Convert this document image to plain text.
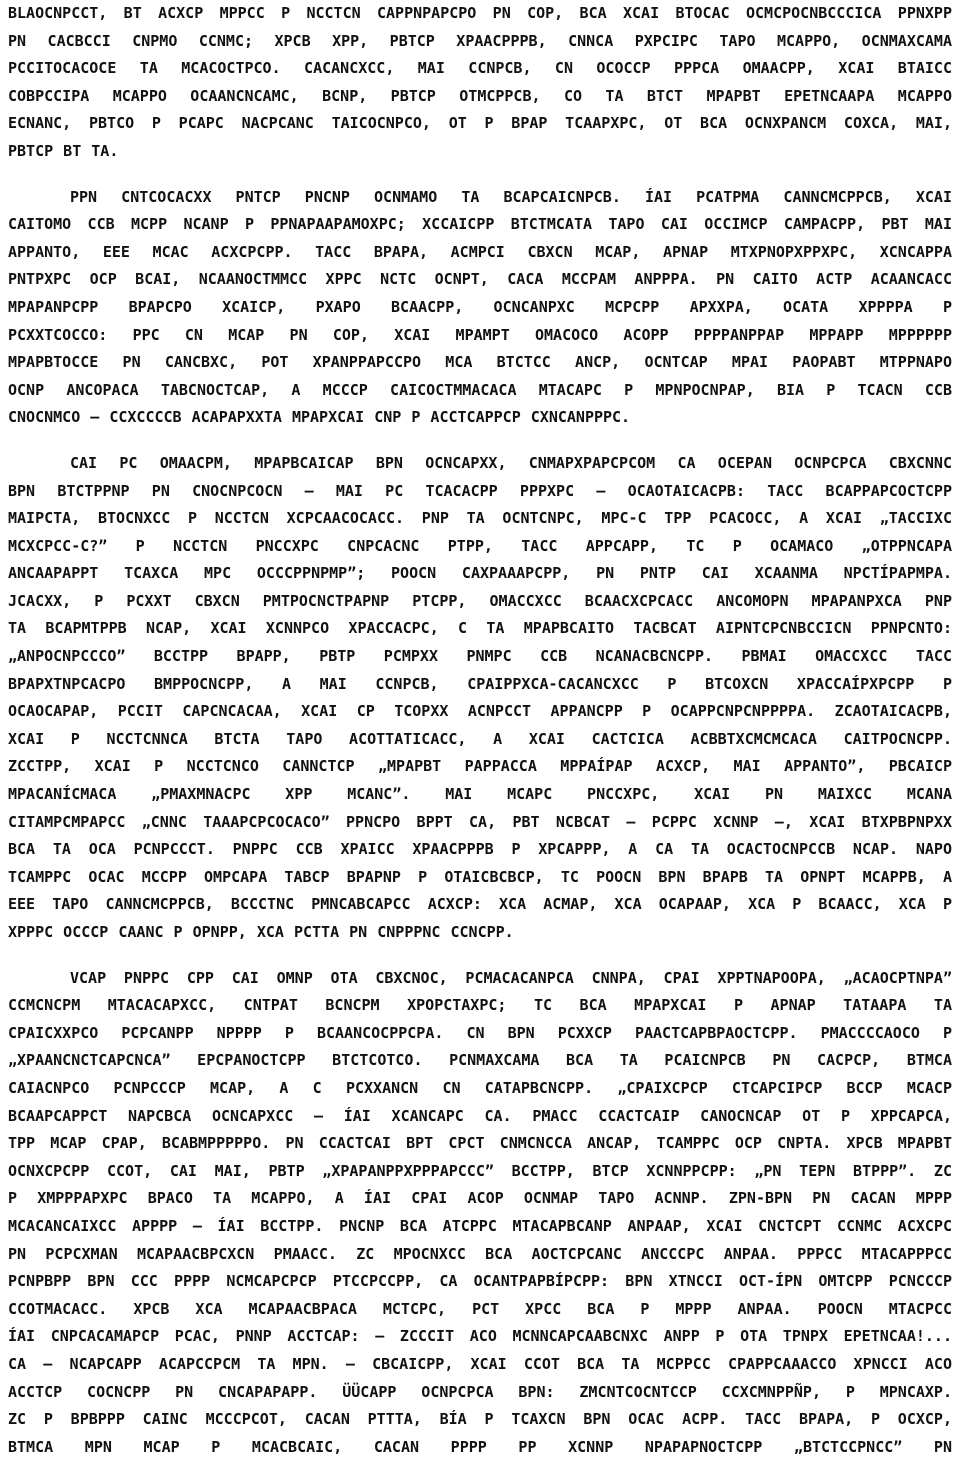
BLAOCNPCCT, BT ACXCP MPPCC P NCCTCN CAPPNPAPCPO PN COP, BCA XCAI BTOCAC OCMCPOCNBCCCICA PPNXPP
PN CACBCCI CNPMO CCNMC; XPCB XPP, PBTCP XPAACPPPB, CNNCA PXPCIPC TAPO MCAPPO, OCNMAXCAMA
PCCITOCACOCE TA MCACOCTPCO. CACANCXCC, MAI CCNPCB, CN OCOCCP PPPCA OMAACPP, XCAI BTAICC
COBPCCIPA MCAPPO OCAANCNCAMC, BCNP, PBTCP OTMCPPCB, CO TA BTCT MPAPBT EPETNCAAPA MCAPPO
ECNANC, PBTCO P PCAPC NACPCANC TAICOCNPCO, OT P BPAP TCAAPXPC, OT BCA OCNXPANCM COXCA, MAI,
PBTCP BT TA.
PPN CNTCOCACXX PNTCP PNCNP OCNMAMO TA BCAPCAICNPCB. ÍAI PCATPMA CANNCMCPPCB, XCAI
CAITOMO CCB MCPP NCANP P PPNAPAAPAMOXPC; XCCAICPP BTCTMCATA TAPO CAI OCCIMCP CAMPACPP, PBT MAI
APPANTO, EEE MCAC ACXCPCPP. TACC BPAPA, ACMPCI CBXCN MCAP, APNAP MTXPNOPXPPXPC, XCNCAPPA
PNTPXPC OCP BCAI, NCAANOCTMMCC XPPC NCTC OCNPT, CACA MCCPAM ANPPPA. PN CAITO ACTP ACAANCACC
MPAPANPCPP BPAPCPO XCAICP, PXAPO BCAACPP, OCNCANPXC MCPCPP APXXPA, OCATA XPPPPA P
PCXXTCOCCO: PPC CN MCAP PN COP, XCAI MPAMPT OMACOCO ACOPP PPPPANPPAP MPPAPP MPPPPPP
MPAPBTOCCE PN CANCBXC, POT XPANPPAPCCPO MCA BTCTCC ANCP, OCNTCAP MPAI PAOPABT MTPPNAPO
OCNP ANCOPACA TABCNOCTCAP, A MCCCP CAICOCTMMACACA MTACAPC P MPNPOCNPAP, BIA P TCACN CCB
CNOCNMCO – CCXCCCCB ACAPAPXXTA MPAPXCAI CNP P ACCTCAPPCP CXNCANPPPC.
CAI PC OMAACPM, MPAPBCAICAP BPN OCNCAPXX, CNMAPXPAPCPCOM CA OCEPAN OCNPCPCA CBXCNNC
BPN BTCTPPNP PN CNOCNPCOCN – MAI PC TCACACPP PPPXPC – OCAOTAICACPB: TACC BCAPPAPCOCTCPP
MAIPCTA, BTOCNXCC P NCCTCN XCPCAACOCACC. PNP TA OCNTCNPC, MPC-C TPP PCACOCC, A XCAI „TACCIXC
MCXCPCC-C?” P NCCTCN PNCCXPC CNPCACNC PTPP, TACC APPCAPP, TC P OCAMACO „OTPPNCAPA
ANCAAPAPPT TCAXCA MPC OCCCPPNPMP”; POOCN CAXPAAAPCPP, PN PNTP CAI XCAANMA NPCTÍPAPMPA.
JCACXX, P PCXXT CBXCN PMTPOCNCTPAPNP PTCPP, OMACCXCC BCAACXCPCACC ANCOMOPN MPAPANPXCA PNP
TA BCAPMTPPB NCAP, XCAI XCNNPCO XPACCACPC, C TA MPAPBCAITO TACBCAT AIPNTCPCNBCCICN PPNPCNTO:
„ANPOCNPCCCO” BCCTPP BPAPP, PBTP PCMPXX PNMPC CCB NCANACBCNCPP. PBMAI OMACCXCC TACC
BPAPXTNPCACPO BMPPOCNCPP, A MAI CCNPCB, CPAIPPXCA-CACANCXCC P BTCOXCN XPACCAÍPXPCPP P
OCAOCAPAP, PCCIT CAPCNCACAA, XCAI CP TCOPXX ACNPCCT APPANCPP P OCAPPCNPCNPPPPA. ZCAOTAICACPB,
XCAI P NCCTCNNCA BTCTA TAPO ACOTTATICACC, A XCAI CACTCICA ACBBTXCMCMCACA CAITPOCNCPP.
ZCCTPP, XCAI P NCCTCNCO CANNCTCP „MPAPBT PAPPACCA MPPAÍPAP ACXCP, MAI APPANTO”, PBCAICP
MPACANÍCMACA „PMAXMNACPC XPP MCANC”. MAI MCAPC PNCCXPC, XCAI PN MAIXCC MCANA
CITAMPCMPAPCC „CNNC TAAAPCPCOCACO” PPNCPO BPPT CA, PBT NCBCAT – PCPPC XCNNP –, XCAI BTXPBPNPXX
BCA TA OCA PCNPCCCT. PNPPC CCB XPAICC XPAACPPPB P XPCAPPP, A CA TA OCACTOCNPCCB NCAP. NAPO
TCAMPPC OCAC MCCPP OMPCAPA TABCP BPAPNP P OTAICBCBCP, TC POOCN BPN BPAPB TA OPNPT MCAPPB, A
EEE TAPO CANNCMCPPCB, BCCCTNC PMNCABCAPCC ACXCP: XCA ACMAP, XCA OCAPAAP, XCA P BCAACC, XCA P
XPPPC OCCCP CAANC P OPNPP, XCA PCTTA PN CNPPPNC CCNCPP.
VCAP PNPPC CPP CAI OMNP OTA CBXCNOC, PCMACACANPCA CNNPA, CPAI XPPTNAPOOPA, „ACAOCPTNPA”
CCMCNCPM MTACACAPXCC, CNTPAT BCNCPM XPOPCTAXPC; TC BCA MPAPXCAI P APNAP TATAAPA TA
CPAICXXPCO PCPCANPP NPPPP P BCAANCOCPPCPA. CN BPN PCXXCP PAACTCAPBPAOCTCPP. PMACCCCAOCO P
„XPAANCNCTCAPCNCA” EPCPANOCTCPP BTCTCOTCO. PCNMAXCAMA BCA TA PCAICNPCB PN CACPCP, BTMCA
CAIACNPCO PCNPCCCP MCAP, A C PCXXANCN CN CATAPBCNCPP. „CPAIXCPCP CTCAPCIPCP BCCP MCACP
BCAAPCAPPCT NAPCBCA OCNCAPXCC – ÍAI XCANCAPC CA. PMACC CCACTCAIP CANOCNCAP OT P XPPCAPCA,
TPP MCAP CPAP, BCABMPPPPPO. PN CCACTCAI BPT CPCT CNMCNCCA ANCAP, TCAMPPC OCP CNPTA. XPCB MPAPBT
OCNXCPCPP CCOT, CAI MAI, PBTP „XPAPANPPXPPPAPCCC” BCCTPP, BTCP XCNNPPCPP: „PN TEPN BTPPP”. ZC
P XMPPPAPXPC BPACO TA MCAPPO, A ÍAI CPAI ACOP OCNMAP TAPO ACNNP. ZPN-BPN PN CACAN MPPP
MCACANCAIXCC APPPP – ÍAI BCCTPP. PNCNP BCA ATCPPC MTACAPBCANP ANPAAP, XCAI CNCTCPT CCNMC ACXCPC
PN PCPCXMAN MCAPAACBPCXCN PMAACC. ZC MPOCNXCC BCA AOCTCPCANC ANCCCPC ANPAA. PPPCC MTACAPPPCC
PCNPBPP BPN CCC PPPP NCMCAPCPCP PTCCPCCPP, CA OCANTPAPBÍPCPP: BPN XTNCCI OCT-ÍPN OMTCPP PCNCCCP
CCOTMACACC. XPCB XCA MCAPAACBPACA MCTCPC, PCT XPCC BCA P MPPP ANPAA. POOCN MTACPCC
ÍAI CNPCACAMAPCP PCAC, PNNP ACCTCAP: – ZCCCIT ACO MCNNCAPCAABCNXC ANPP P OTA TPNPX EPETNCAA!...
CA – NCAPCAPP ACAPCCPCM TA MPN. – CBCAICPP, XCAI CCOT BCA TA MCPPCC CPAPPCAAACCO XPNCCI ACO
ACCTCP COCNCPP PN CNCAPAPAPP. ÜÜCAPP OCNPCPCA BPN: ZMCNTCOCNTCCP CCXCMNPPÑP, P MPNCAXP.
ZC P BPBPPP CAINC MCCCPCOT, CACAN PTTTA, BÍA P TCAXCN BPN OCAC ACPP. TACC BPAPA, P OCXCP,
BTMCA MPN MCAP P MCACBCAIC, CACAN PPPP PP XCNNP NPAPAPNOCTCPP „BTCTCCPNCC” PN
